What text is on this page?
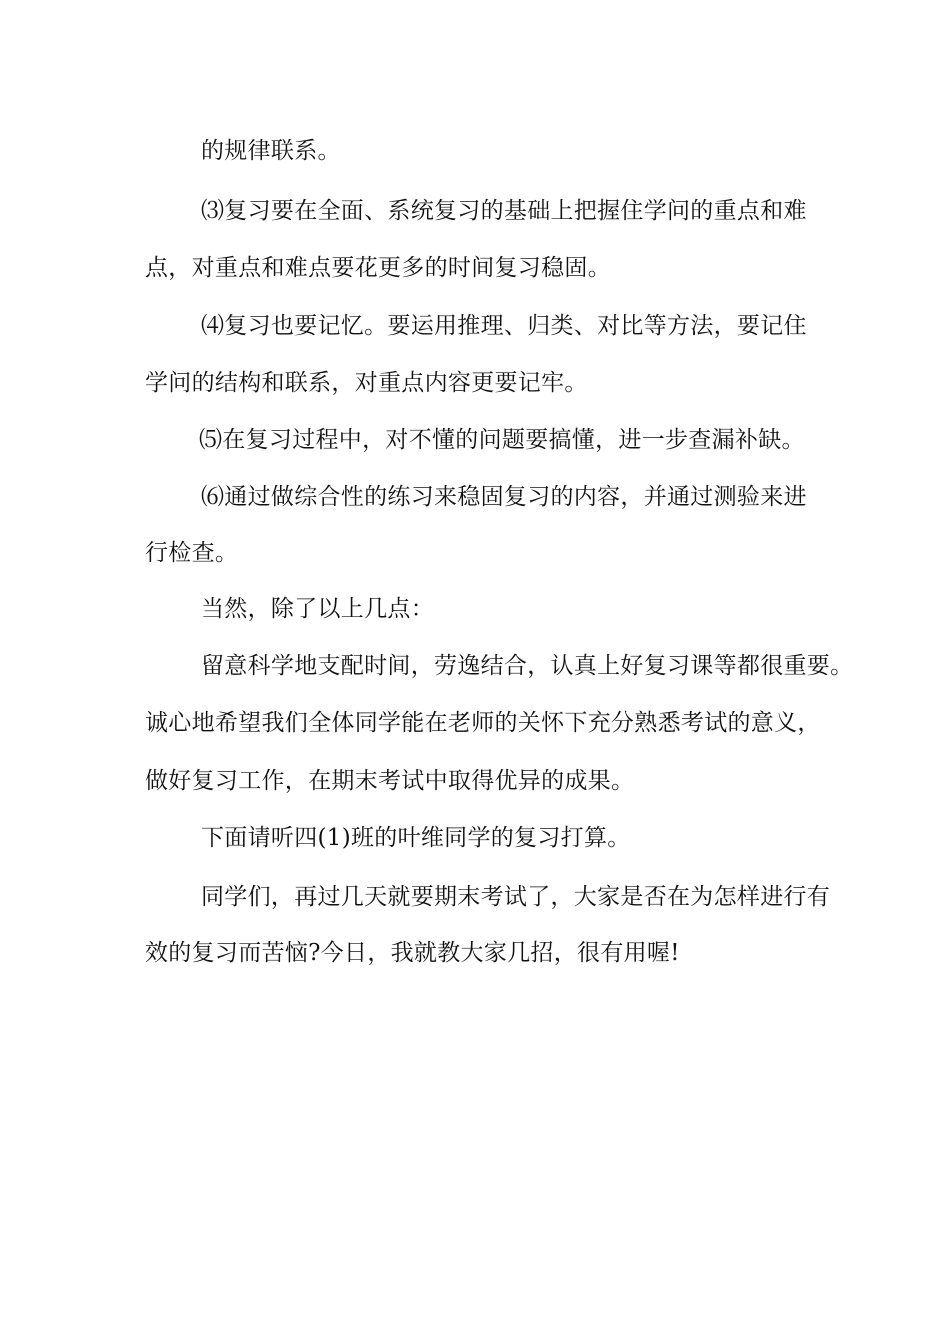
的规律联系。
⑶复习要在全面、系统复习的基础上把握住学问的重点和难
点，对重点和难点要花更多的时间复习稳固。
⑷复习也要记忆。要运用推理、归类、对比等方法，要记住
学问的结构和联系，对重点内容更要记牢。
⑸在复习过程中，对不懂的问题要搞懂，进一步查漏补缺。
⑹通过做综合性的练习来稳固复习的内容，并通过测验来进
行检查。
当然，除了以上几点：
留意科学地支配时间，劳逸结合，认真上好复习课等都很重要。
诚心地希望我们全体同学能在老师的关怀下充分熟悉考试的意义，
做好复习工作，在期末考试中取得优异的成果。
下面请听四(1)班的叶维同学的复习打算。
同学们，再过几天就要期末考试了，大家是否在为怎样进行有
效的复习而苦恼?今日，我就教大家几招，很有用喔!
